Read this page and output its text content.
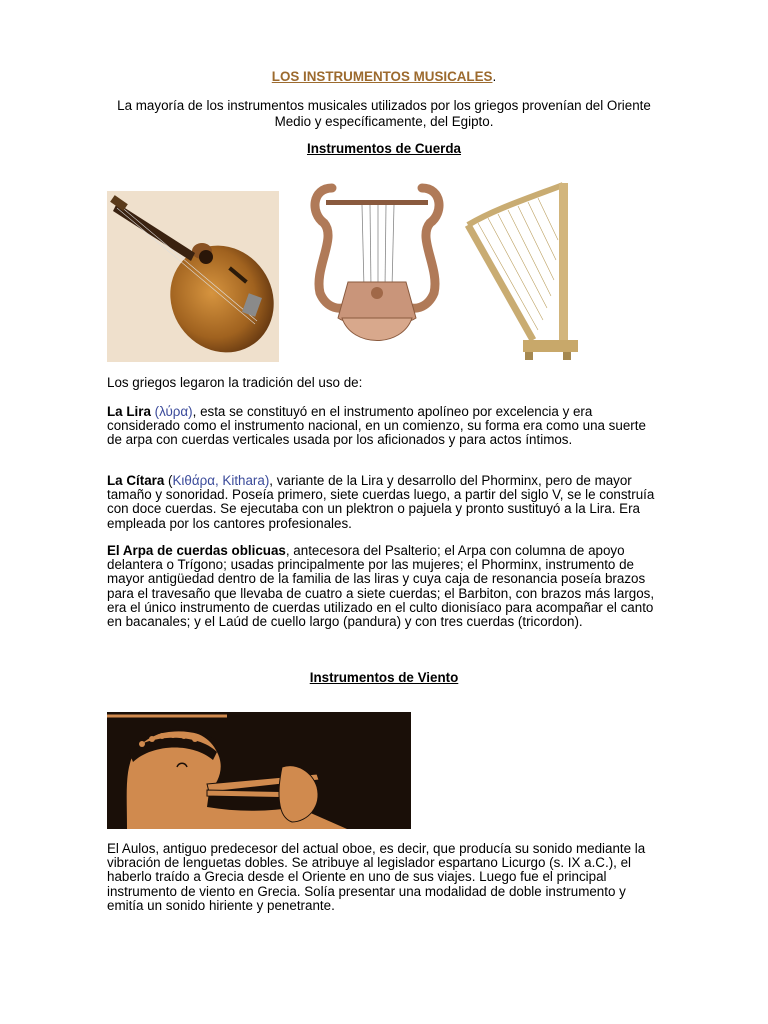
LOS INSTRUMENTOS MUSICALES.
La mayoría de los instrumentos musicales utilizados por los griegos provenían del Oriente Medio y específicamente, del Egipto.
Instrumentos de Cuerda
Los griegos legaron la tradición del uso de:
La Lira (λύρα), esta se constituyó en el instrumento apolíneo por excelencia y era considerado como el instrumento nacional, en un comienzo, su forma era como una suerte de arpa con cuerdas verticales usada por los aficionados y para actos íntimos.
La Cítara (Κιθάρα, Kithara), variante de la Lira y desarrollo del Phorminx, pero de mayor tamaño y sonoridad. Poseía primero, siete cuerdas luego, a partir del siglo V, se le construía con doce cuerdas. Se ejecutaba con un plektron o pajuela y pronto sustituyó a la Lira. Era empleada por los cantores profesionales.
El Arpa de cuerdas oblicuas, antecesora del Psalterio; el Arpa con columna de apoyo delantera o Trígono; usadas principalmente por las mujeres; el Phorminx, instrumento de mayor antigüedad dentro de la familia de las liras y cuya caja de resonancia poseía brazos para el travesaño que llevaba de cuatro a siete cuerdas; el Barbiton, con brazos más largos, era el único instrumento de cuerdas utilizado en el culto dionisíaco para acompañar el canto en bacanales; y el Laúd de cuello largo (pandura) y con tres cuerdas (tricordon).
Instrumentos de Viento
El Aulos, antiguo predecesor del actual oboe, es decir, que producía su sonido mediante la vibración de lenguetas dobles. Se atribuye al legislador espartano Licurgo (s. IX a.C.), el haberlo traído a Grecia desde el Oriente en uno de sus viajes. Luego fue el principal instrumento de viento en Grecia. Solía presentar una modalidad de doble instrumento y emitía un sonido hiriente y penetrante.
